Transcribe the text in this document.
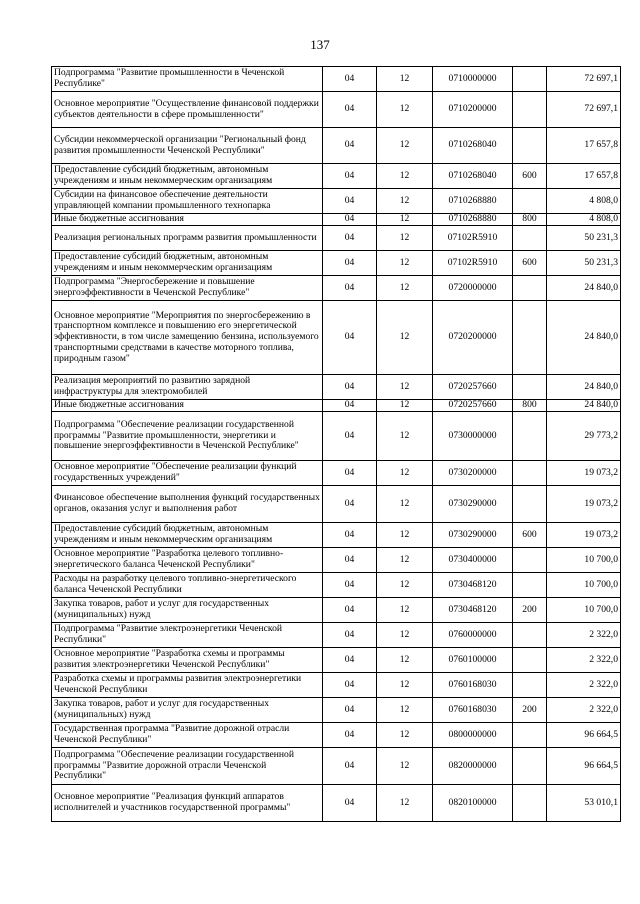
137
Подпрограмма "Развитие промышленности в Чеченской Республике"	04	12	0710000000		72 697,1
Основное мероприятие "Осуществление финансовой поддержки субъектов деятельности в сфере промышленности"	04	12	0710200000		72 697,1
Субсидии некоммерческой организации "Региональный фонд развития промышленности Чеченской Республики"	04	12	0710268040		17 657,8
Предоставление субсидий бюджетным, автономным учреждениям и иным некоммерческим организациям	04	12	0710268040	600	17 657,8
Субсидии на финансовое обеспечение деятельности управляющей компании промышленного технопарка	04	12	0710268880		4 808,0
Иные бюджетные ассигнования	04	12	0710268880	800	4 808,0
Реализация региональных программ развития промышленности	04	12	07102R5910		50 231,3
Предоставление субсидий бюджетным, автономным учреждениям и иным некоммерческим организациям	04	12	07102R5910	600	50 231,3
Подпрограмма "Энергосбережение и повышение энергоэффективности в Чеченской Республике"	04	12	0720000000		24 840,0
Основное мероприятие "Мероприятия по энергосбережению в транспортном комплексе и повышению его энергетической эффективности, в том числе замещению бензина, используемого транспортными средствами в качестве моторного топлива, природным газом"	04	12	0720200000		24 840,0
Реализация мероприятий по развитию зарядной инфраструктуры для электромобилей	04	12	0720257660		24 840,0
Иные бюджетные ассигнования	04	12	0720257660	800	24 840,0
Подпрограмма "Обеспечение реализации государственной программы "Развитие промышленности, энергетики и повышение энергоэффективности в Чеченской Республике"	04	12	0730000000		29 773,2
Основное мероприятие "Обеспечение реализации функций государственных учреждений"	04	12	0730200000		19 073,2
Финансовое обеспечение выполнения функций государственных органов, оказания услуг и выполнения работ	04	12	0730290000		19 073,2
Предоставление субсидий бюджетным, автономным учреждениям и иным некоммерческим организациям	04	12	0730290000	600	19 073,2
Основное мероприятие "Разработка целевого топливно-энергетического баланса Чеченской Республики"	04	12	0730400000		10 700,0
Расходы на разработку целевого топливно-энергетического баланса Чеченской Республики	04	12	0730468120		10 700,0
Закупка товаров, работ и услуг для государственных (муниципальных) нужд	04	12	0730468120	200	10 700,0
Подпрограмма "Развитие электроэнергетики Чеченской Республики"	04	12	0760000000		2 322,0
Основное мероприятие "Разработка схемы и программы развития электроэнергетики Чеченской Республики"	04	12	0760100000		2 322,0
Разработка схемы и программы развития электроэнергетики Чеченской Республики	04	12	0760168030		2 322,0
Закупка товаров, работ и услуг для государственных (муниципальных) нужд	04	12	0760168030	200	2 322,0
Государственная программа "Развитие дорожной отрасли Чеченской Республики"	04	12	0800000000		96 664,5
Подпрограмма "Обеспечение реализации государственной программы "Развитие дорожной отрасли Чеченской Республики"	04	12	0820000000		96 664,5
Основное мероприятие "Реализация функций аппаратов исполнителей и участников государственной программы"	04	12	0820100000		53 010,1
